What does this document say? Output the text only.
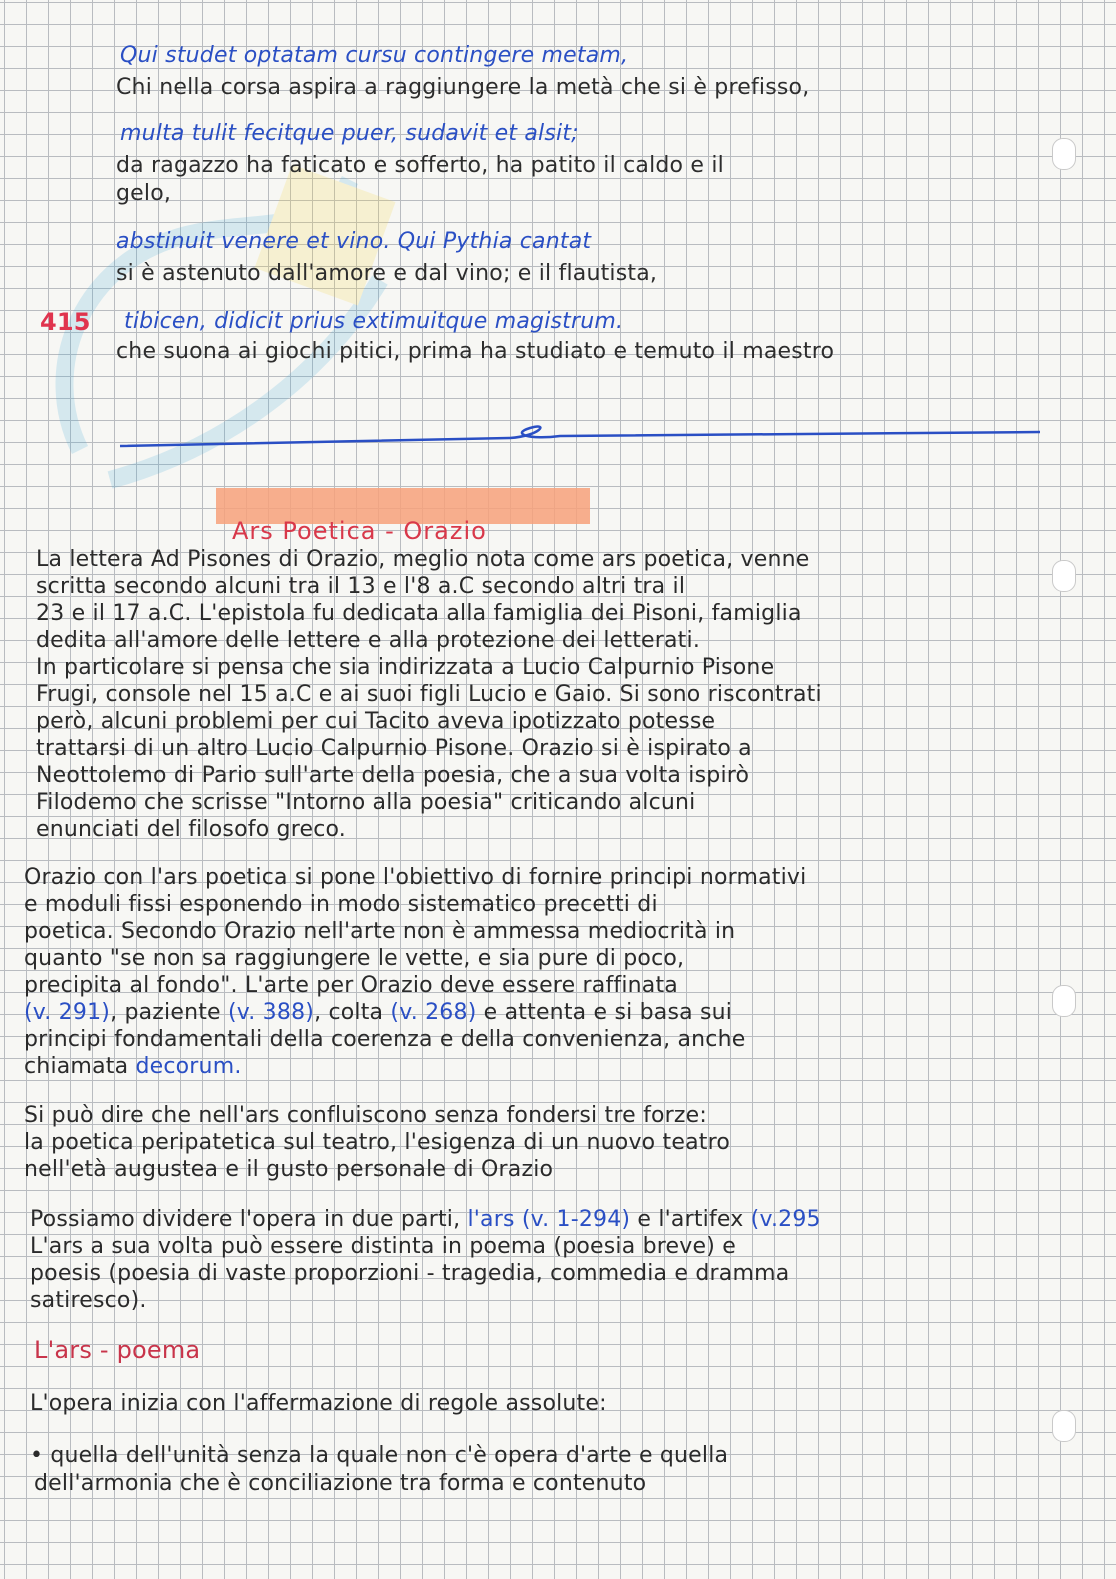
Qui studet optatam cursu contingere metam,

Chi nella corsa aspira a raggiungere la metà che si è prefisso,

multa tulit fecitque puer, sudavit et alsit;

da ragazzo ha faticato e sofferto, ha patito il caldo e il

gelo,

abstinuit venere et vino. Qui Pythia cantat

si è astenuto dall'amore e dal vino; e il flautista,

415 tibicen, didicit prius extimuitque magistrum.

che suona ai giochi pitici, prima ha studiato e temuto il maestro

Ars Poetica - Orazio

La lettera Ad Pisones di Orazio, meglio nota come ars poetica, venne

scritta secondo alcuni tra il 13 e l'8 a.C secondo altri tra il

23 e il 17 a.C. L'epistola fu dedicata alla famiglia dei Pisoni, famiglia

dedita all'amore delle lettere e alla protezione dei letterati.

In particolare si pensa che sia indirizzata a Lucio Calpurnio Pisone

Frugi, console nel 15 a.C e ai suoi figli Lucio e Gaio. Si sono riscontrati

però, alcuni problemi per cui Tacito aveva ipotizzato potesse

trattarsi di un altro Lucio Calpurnio Pisone. Orazio si è ispirato a

Neottolemo di Pario sull'arte della poesia, che a sua volta ispirò

Filodemo che scrisse "Intorno alla poesia" criticando alcuni

enunciati del filosofo greco.

Orazio con l'ars poetica si pone l'obiettivo di fornire principi normativi

e moduli fissi esponendo in modo sistematico precetti di

poetica. Secondo Orazio nell'arte non è ammessa mediocrità in

quanto "se non sa raggiungere le vette, e sia pure di poco,

precipita al fondo". L'arte per Orazio deve essere raffinata

(v. 291), paziente (v. 388), colta (v. 268) e attenta e si basa sui

principi fondamentali della coerenza e della convenienza, anche

chiamata decorum.

Si può dire che nell'ars confluiscono senza fondersi tre forze:

la poetica peripatetica sul teatro, l'esigenza di un nuovo teatro

nell'età augustea e il gusto personale di Orazio

Possiamo dividere l'opera in due parti, l'ars (v. 1-294) e l'artifex (v.295

L'ars a sua volta può essere distinta in poema (poesia breve) e

poesis (poesia di vaste proporzioni - tragedia, commedia e dramma

satiresco).

L'ars - poema

L'opera inizia con l'affermazione di regole assolute:

• quella dell'unità senza la quale non c'è opera d'arte e quella

dell'armonia che è conciliazione tra forma e contenuto
